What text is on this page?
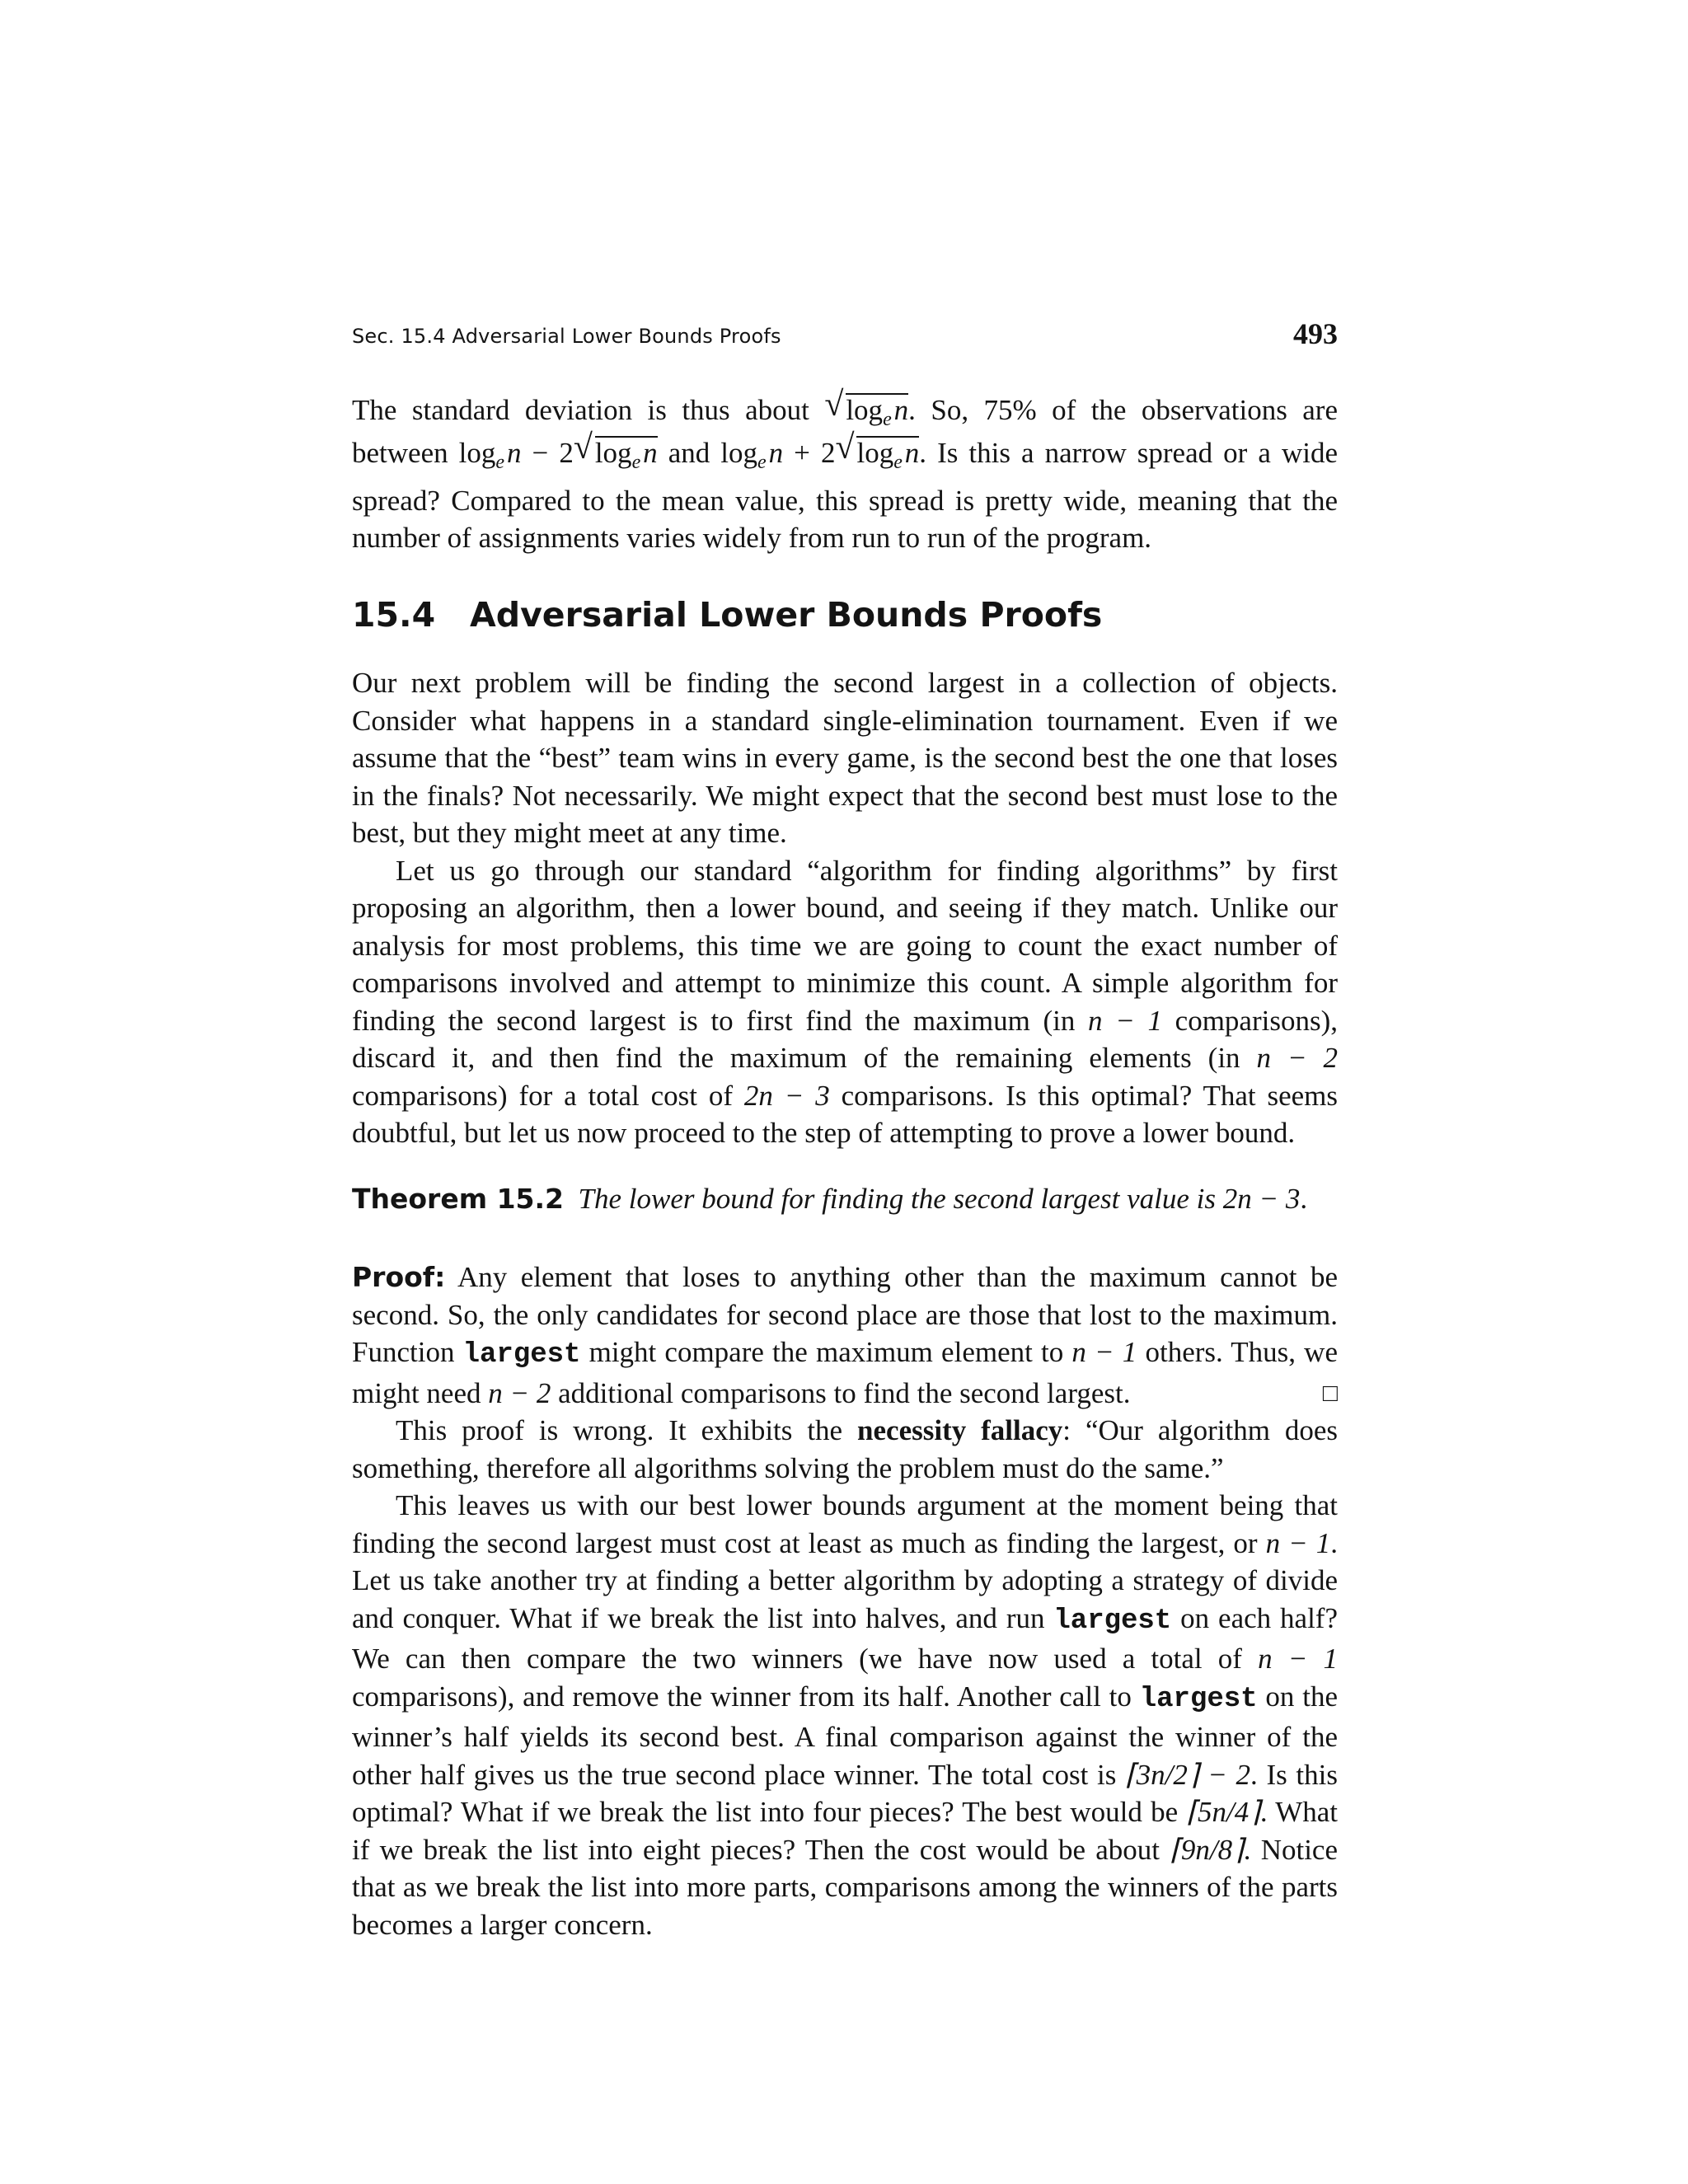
Sec. 15.4 Adversarial Lower Bounds Proofs	493

The standard deviation is thus about √ $\log_e$ n. So, 75% of the observations are between $\log_e$ n − 2 √ $\log_e$ n and $\log_e$ n + 2 √ $\log_e$ n. Is this a narrow spread or a wide spread? Compared to the mean value, this spread is pretty wide, meaning that the number of assignments varies widely from run to run of the program.

15.4 Adversarial Lower Bounds Proofs

Our next problem will be finding the second largest in a collection of objects. Consider what happens in a standard single-elimination tournament. Even if we assume that the “best” team wins in every game, is the second best the one that loses in the finals? Not necessarily. We might expect that the second best must lose to the best, but they might meet at any time.

Let us go through our standard “algorithm for finding algorithms” by first proposing an algorithm, then a lower bound, and seeing if they match. Unlike our analysis for most problems, this time we are going to count the exact number of comparisons involved and attempt to minimize this count. A simple algorithm for finding the second largest is to first find the maximum (in n − 1 comparisons), discard it, and then find the maximum of the remaining elements (in n − 2 comparisons) for a total cost of 2n − 3 comparisons. Is this optimal? That seems doubtful, but let us now proceed to the step of attempting to prove a lower bound.

Theorem 15.2 The lower bound for finding the second largest value is 2n − 3.

Proof: Any element that loses to anything other than the maximum cannot be second. So, the only candidates for second place are those that lost to the maximum. Function largest might compare the maximum element to n − 1 others. Thus, we might need n − 2 additional comparisons to find the second largest.	□

This proof is wrong. It exhibits the necessity fallacy: “Our algorithm does something, therefore all algorithms solving the problem must do the same.”

This leaves us with our best lower bounds argument at the moment being that finding the second largest must cost at least as much as finding the largest, or n − 1. Let us take another try at finding a better algorithm by adopting a strategy of divide and conquer. What if we break the list into halves, and run largest on each half? We can then compare the two winners (we have now used a total of n − 1 comparisons), and remove the winner from its half. Another call to largest on the winner’s half yields its second best. A final comparison against the winner of the other half gives us the true second place winner. The total cost is ⌈3n/2⌉ − 2. Is this optimal? What if we break the list into four pieces? The best would be ⌈5n/4⌉. What if we break the list into eight pieces? Then the cost would be about ⌈9n/8⌉. Notice that as we break the list into more parts, comparisons among the winners of the parts becomes a larger concern.
